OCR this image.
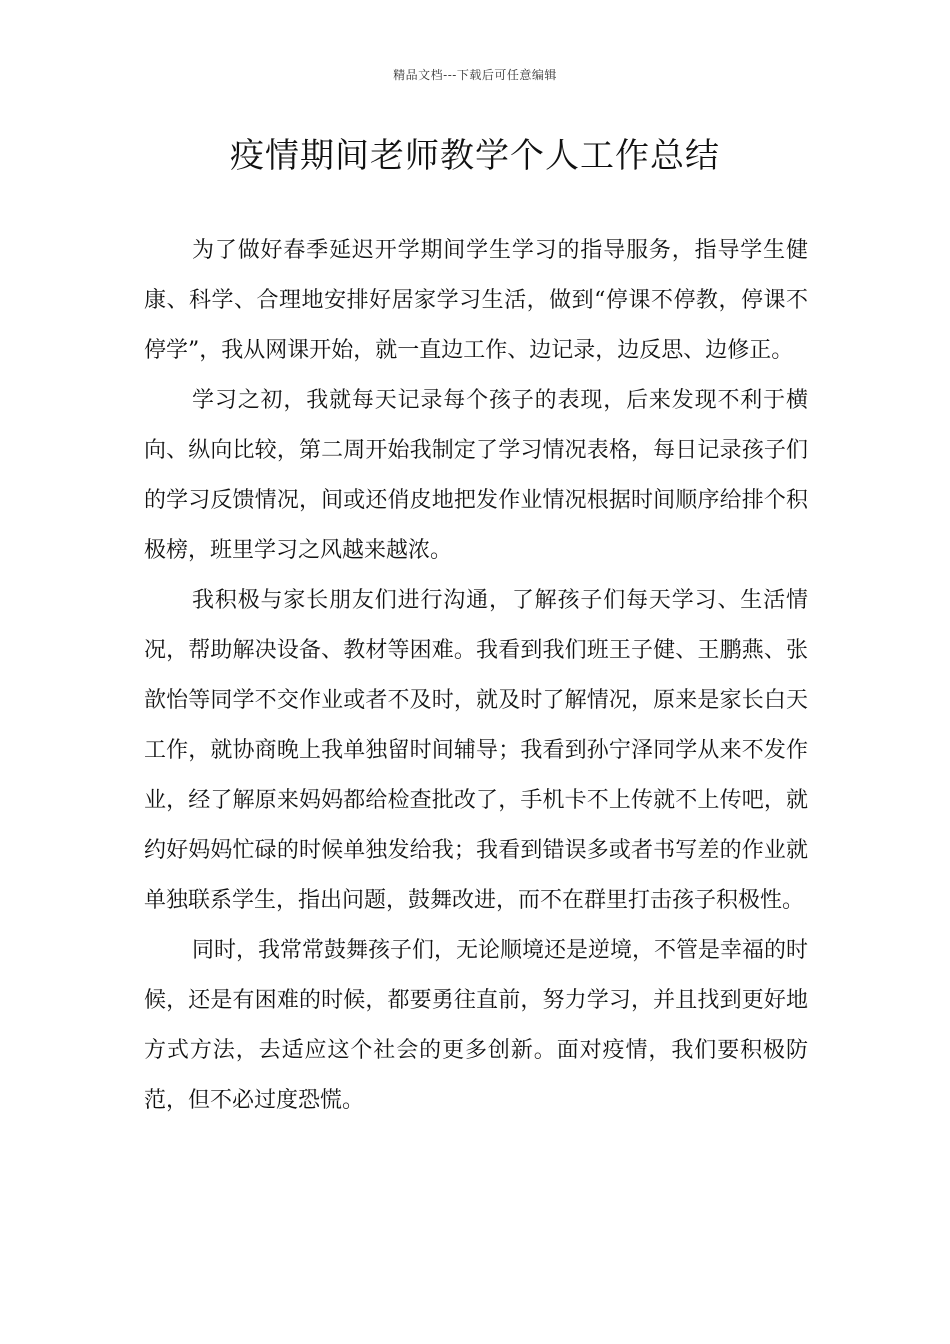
精品文档---下载后可任意编辑
疫情期间老师教学个人工作总结

为了做好春季延迟开学期间学生学习的指导服务，指导学生健康、科学、合理地安排好居家学习生活，做到“停课不停教，停课不停学”，我从网课开始，就一直边工作、边记录，边反思、边修正。

学习之初，我就每天记录每个孩子的表现，后来发现不利于横向、纵向比较，第二周开始我制定了学习情况表格，每日记录孩子们的学习反馈情况，间或还俏皮地把发作业情况根据时间顺序给排个积极榜，班里学习之风越来越浓。

我积极与家长朋友们进行沟通，了解孩子们每天学习、生活情况，帮助解决设备、教材等困难。我看到我们班王子健、王鹏燕、张歆怡等同学不交作业或者不及时，就及时了解情况，原来是家长白天工作，就协商晚上我单独留时间辅导；我看到孙宁泽同学从来不发作业，经了解原来妈妈都给检查批改了，手机卡不上传就不上传吧，就约好妈妈忙碌的时候单独发给我；我看到错误多或者书写差的作业就单独联系学生，指出问题，鼓舞改进，而不在群里打击孩子积极性。

同时，我常常鼓舞孩子们，无论顺境还是逆境，不管是幸福的时候，还是有困难的时候，都要勇往直前，努力学习，并且找到更好地方式方法，去适应这个社会的更多创新。面对疫情，我们要积极防范，但不必过度恐慌。
